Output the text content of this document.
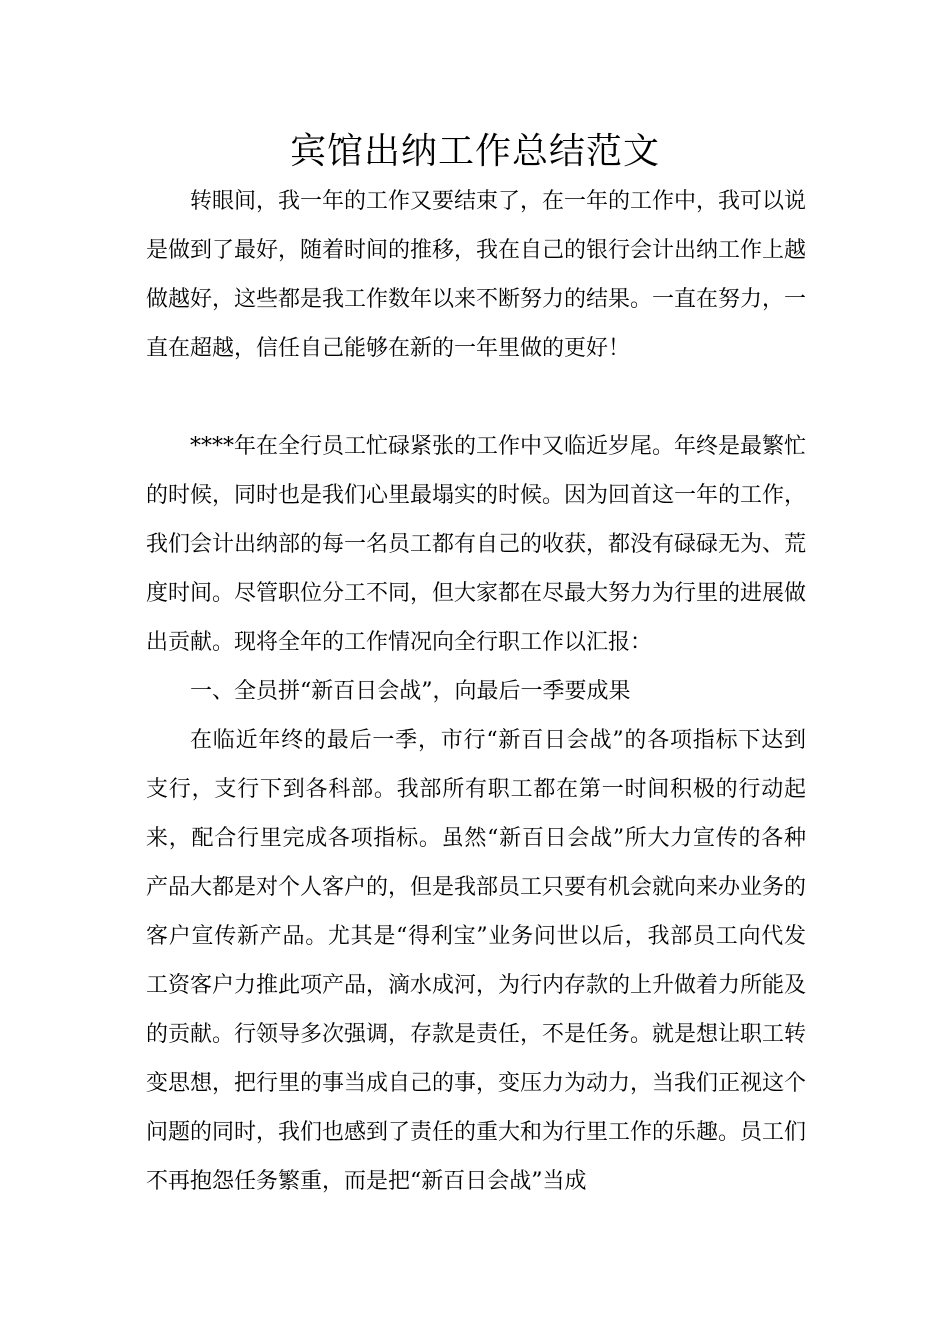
宾馆出纳工作总结范文

转眼间，我一年的工作又要结束了，在一年的工作中，我可以说是做到了最好，随着时间的推移，我在自己的银行会计出纳工作上越做越好，这些都是我工作数年以来不断努力的结果。一直在努力，一直在超越，信任自己能够在新的一年里做的更好！

****年在全行员工忙碌紧张的工作中又临近岁尾。年终是最繁忙的时候，同时也是我们心里最塌实的时候。因为回首这一年的工作，我们会计出纳部的每一名员工都有自己的收获，都没有碌碌无为、荒度时间。尽管职位分工不同，但大家都在尽最大努力为行里的进展做出贡献。现将全年的工作情况向全行职工作以汇报：

一、全员拼“新百日会战”，向最后一季要成果

在临近年终的最后一季，市行“新百日会战”的各项指标下达到支行，支行下到各科部。我部所有职工都在第一时间积极的行动起来，配合行里完成各项指标。虽然“新百日会战”所大力宣传的各种产品大都是对个人客户的，但是我部员工只要有机会就向来办业务的客户宣传新产品。尤其是“得利宝”业务问世以后，我部员工向代发工资客户力推此项产品，滴水成河，为行内存款的上升做着力所能及的贡献。行领导多次强调，存款是责任，不是任务。就是想让职工转变思想，把行里的事当成自己的事，变压力为动力，当我们正视这个问题的同时，我们也感到了责任的重大和为行里工作的乐趣。员工们不再抱怨任务繁重，而是把“新百日会战”当成
